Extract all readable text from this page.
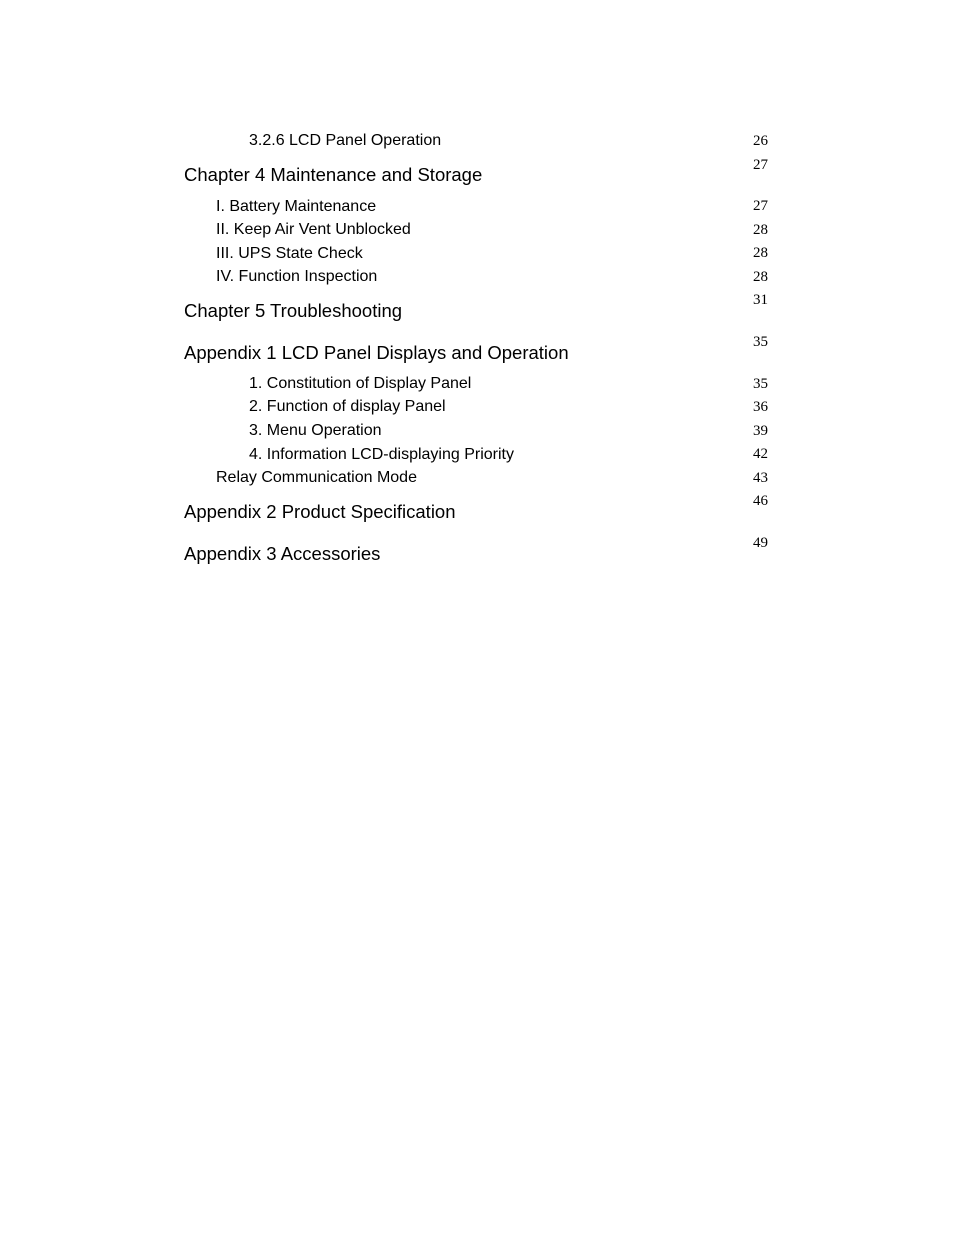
3.2.6 LCD Panel Operation	26
Chapter 4 Maintenance and Storage	27
I. Battery Maintenance	27
II. Keep Air Vent Unblocked	28
III. UPS State Check	28
IV. Function Inspection	28
Chapter 5 Troubleshooting	31
Appendix 1 LCD Panel Displays and Operation	35
1. Constitution of Display Panel	35
2. Function of display Panel	36
3. Menu Operation	39
4. Information LCD-displaying Priority	42
Relay Communication Mode	43
Appendix 2 Product Specification	46
Appendix 3 Accessories	49
